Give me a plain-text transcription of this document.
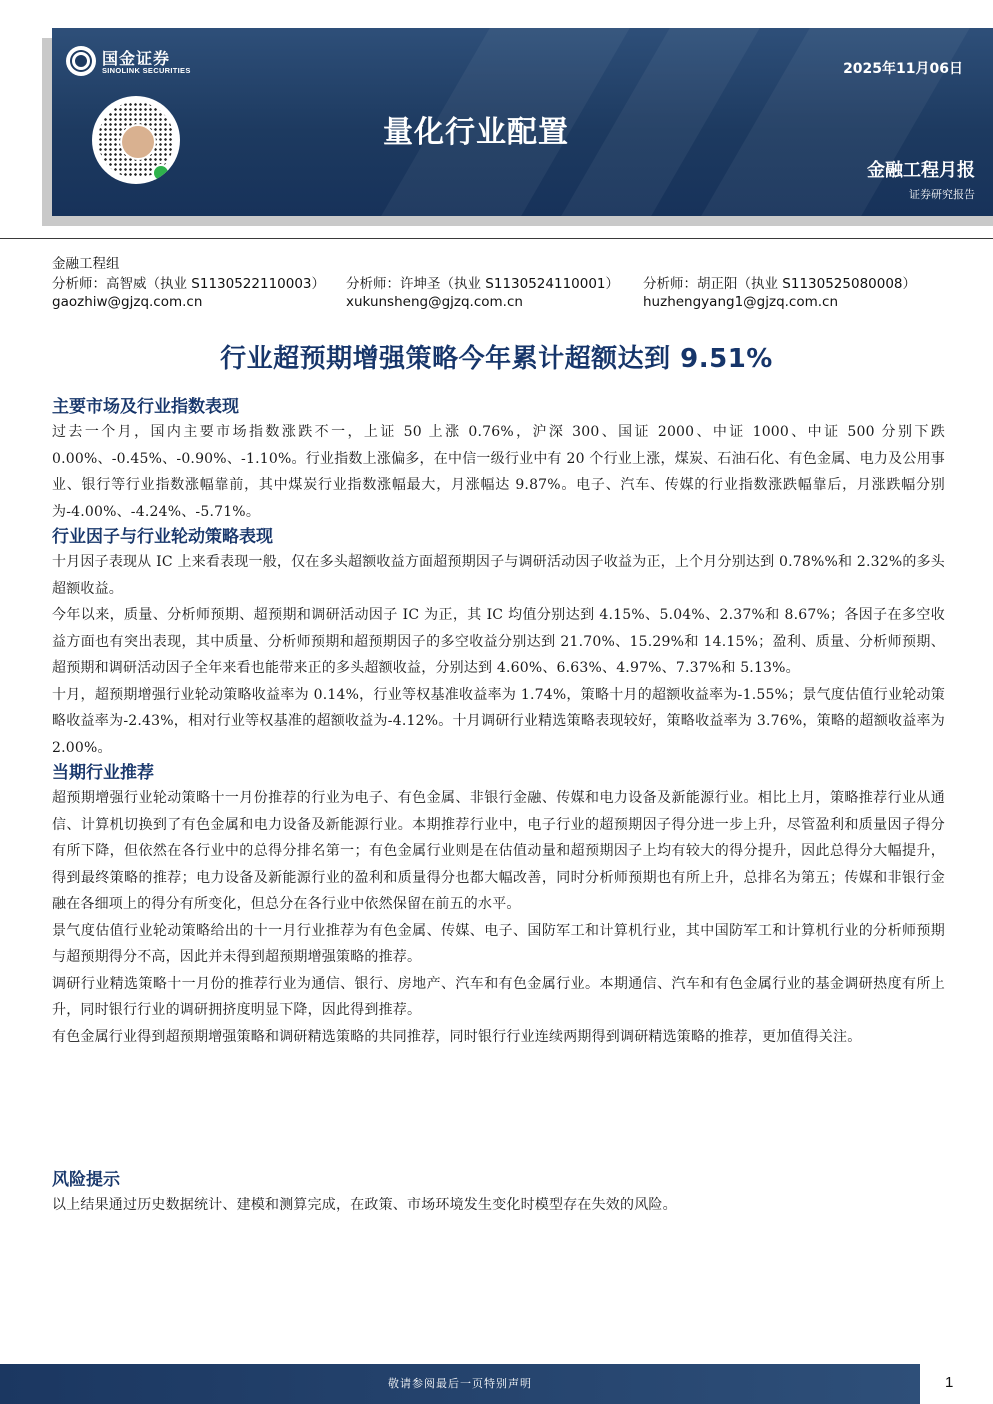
国金证券
SINOLINK SECURITIES	2025年11月06日
量化行业配置
金融工程月报
证券研究报告
金融工程组
分析师：高智威（执业 S1130522110003） 分析师：许坤圣（执业 S1130524110001） 分析师：胡正阳（执业 S1130525080008）
gaozhiw@gjzq.com.cn	xukunsheng@gjzq.com.cn	huzhengyang1@gjzq.com.cn
行业超预期增强策略今年累计超额达到 9.51%
主要市场及行业指数表现

过去一个月，国内主要市场指数涨跌不一，上证 50 上涨 0.76%，沪深 300、国证 2000、中证 1000、中证 500 分别下跌 0.00%、-0.45%、-0.90%、-1.10%。行业指数上涨偏多，在中信一级行业中有 20 个行业上涨，煤炭、石油石化、有色金属、电力及公用事业、银行等行业指数涨幅靠前，其中煤炭行业指数涨幅最大，月涨幅达 9.87%。电子、汽车、传媒的行业指数涨跌幅靠后，月涨跌幅分别为-4.00%、-4.24%、-5.71%。

行业因子与行业轮动策略表现

十月因子表现从 IC 上来看表现一般，仅在多头超额收益方面超预期因子与调研活动因子收益为正，上个月分别达到 0.78%%和 2.32%的多头超额收益。

今年以来，质量、分析师预期、超预期和调研活动因子 IC 为正，其 IC 均值分别达到 4.15%、5.04%、2.37%和 8.67%；各因子在多空收益方面也有突出表现，其中质量、分析师预期和超预期因子的多空收益分别达到 21.70%、15.29%和 14.15%；盈利、质量、分析师预期、超预期和调研活动因子全年来看也能带来正的多头超额收益，分别达到 4.60%、6.63%、4.97%、7.37%和 5.13%。

十月，超预期增强行业轮动策略收益率为 0.14%，行业等权基准收益率为 1.74%，策略十月的超额收益率为-1.55%；景气度估值行业轮动策略收益率为-2.43%，相对行业等权基准的超额收益为-4.12%。十月调研行业精选策略表现较好，策略收益率为 3.76%，策略的超额收益率为 2.00%。

当期行业推荐

超预期增强行业轮动策略十一月份推荐的行业为电子、有色金属、非银行金融、传媒和电力设备及新能源行业。相比上月，策略推荐行业从通信、计算机切换到了有色金属和电力设备及新能源行业。本期推荐行业中，电子行业的超预期因子得分进一步上升，尽管盈利和质量因子得分有所下降，但依然在各行业中的总得分排名第一；有色金属行业则是在估值动量和超预期因子上均有较大的得分提升，因此总得分大幅提升，得到最终策略的推荐；电力设备及新能源行业的盈利和质量得分也都大幅改善，同时分析师预期也有所上升，总排名为第五；传媒和非银行金融在各细项上的得分有所变化，但总分在各行业中依然保留在前五的水平。

景气度估值行业轮动策略给出的十一月行业推荐为有色金属、传媒、电子、国防军工和计算机行业，其中国防军工和计算机行业的分析师预期与超预期得分不高，因此并未得到超预期增强策略的推荐。

调研行业精选策略十一月份的推荐行业为通信、银行、房地产、汽车和有色金属行业。本期通信、汽车和有色金属行业的基金调研热度有所上升，同时银行行业的调研拥挤度明显下降，因此得到推荐。

有色金属行业得到超预期增强策略和调研精选策略的共同推荐，同时银行行业连续两期得到调研精选策略的推荐，更加值得关注。

风险提示

以上结果通过历史数据统计、建模和测算完成，在政策、市场环境发生变化时模型存在失效的风险。

敬请参阅最后一页特别声明	1
